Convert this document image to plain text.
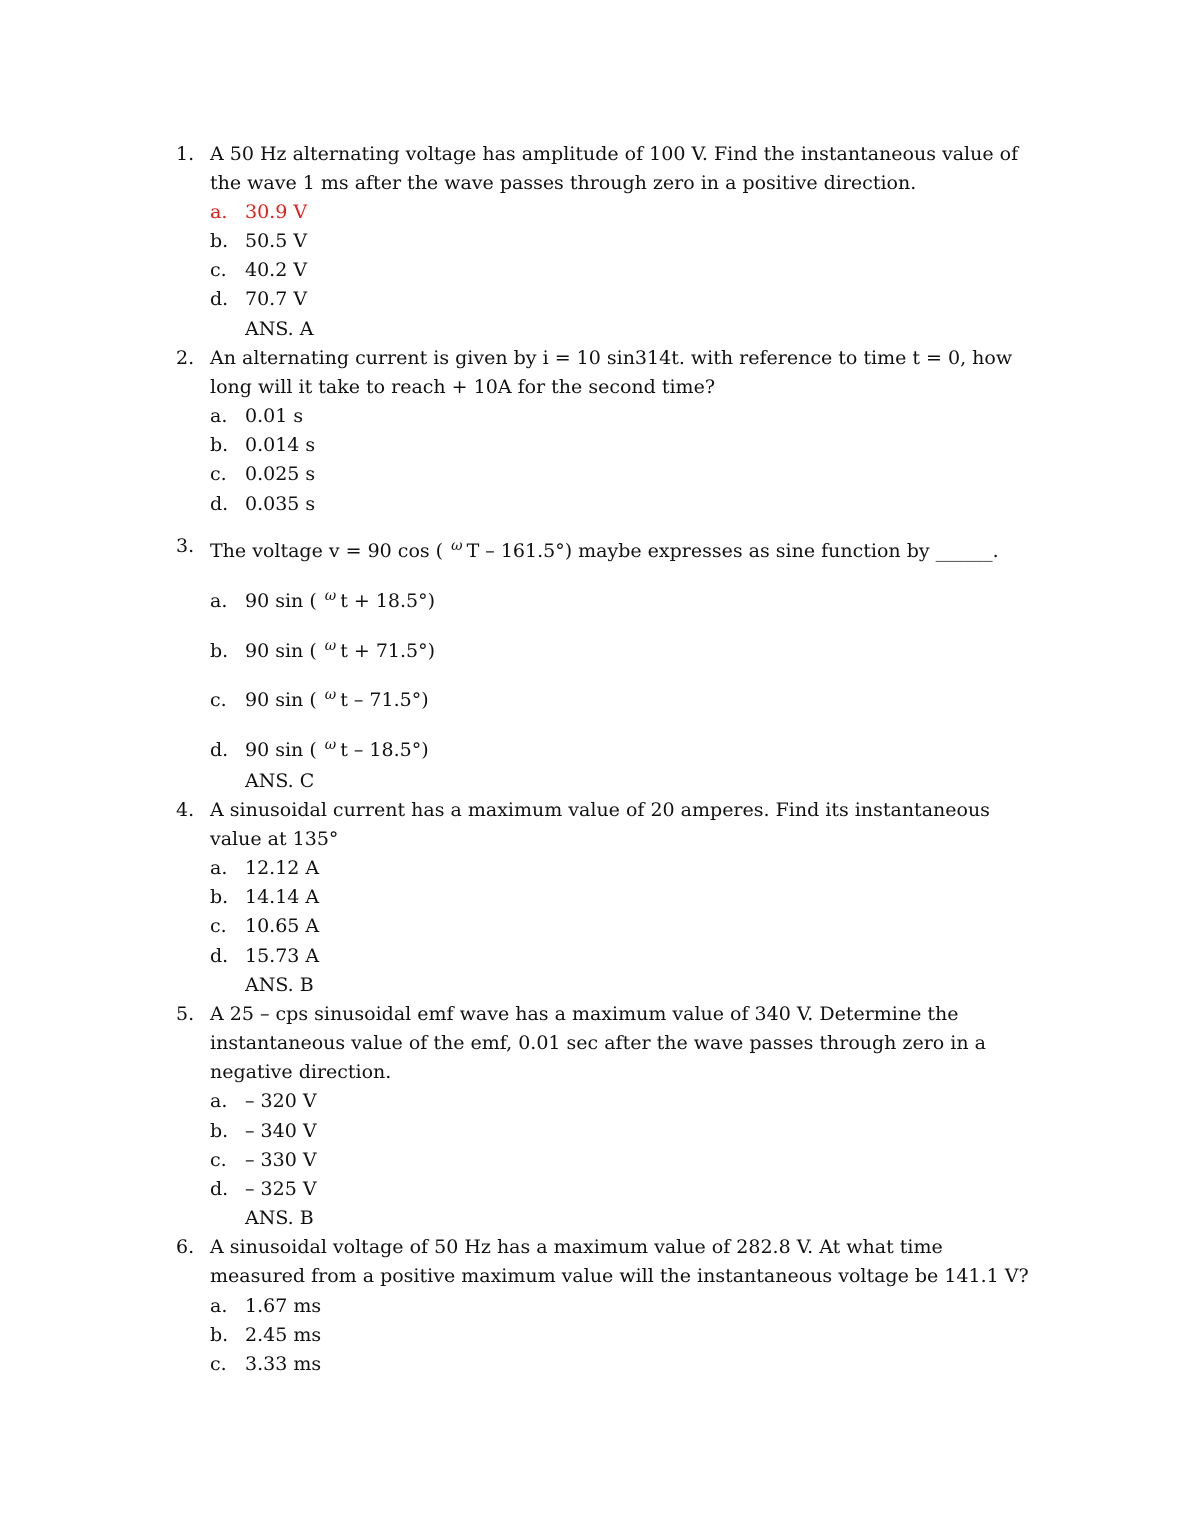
1. A 50 Hz alternating voltage has amplitude of 100 V. Find the instantaneous value of
the wave 1 ms after the wave passes through zero in a positive direction.
a. 30.9 V
b. 50.5 V
c. 40.2 V
d. 70.7 V
ANS. A
2. An alternating current is given by i = 10 sin314t. with reference to time t = 0, how
long will it take to reach + 10A for the second time?
a. 0.01 s
b. 0.014 s
c. 0.025 s
d. 0.035 s
3. The voltage v = 90 cos ( ω T – 161.5°) maybe expresses as sine function by ______.
a. 90 sin ( ω t + 18.5°)
b. 90 sin ( ω t + 71.5°)
c. 90 sin ( ω t – 71.5°)
d. 90 sin ( ω t – 18.5°)
ANS. C
4. A sinusoidal current has a maximum value of 20 amperes. Find its instantaneous
value at 135°
a. 12.12 A
b. 14.14 A
c. 10.65 A
d. 15.73 A
ANS. B
5. A 25 – cps sinusoidal emf wave has a maximum value of 340 V. Determine the
instantaneous value of the emf, 0.01 sec after the wave passes through zero in a
negative direction.
a. – 320 V
b. – 340 V
c. – 330 V
d. – 325 V
ANS. B
6. A sinusoidal voltage of 50 Hz has a maximum value of 282.8 V. At what time
measured from a positive maximum value will the instantaneous voltage be 141.1 V?
a. 1.67 ms
b. 2.45 ms
c. 3.33 ms
